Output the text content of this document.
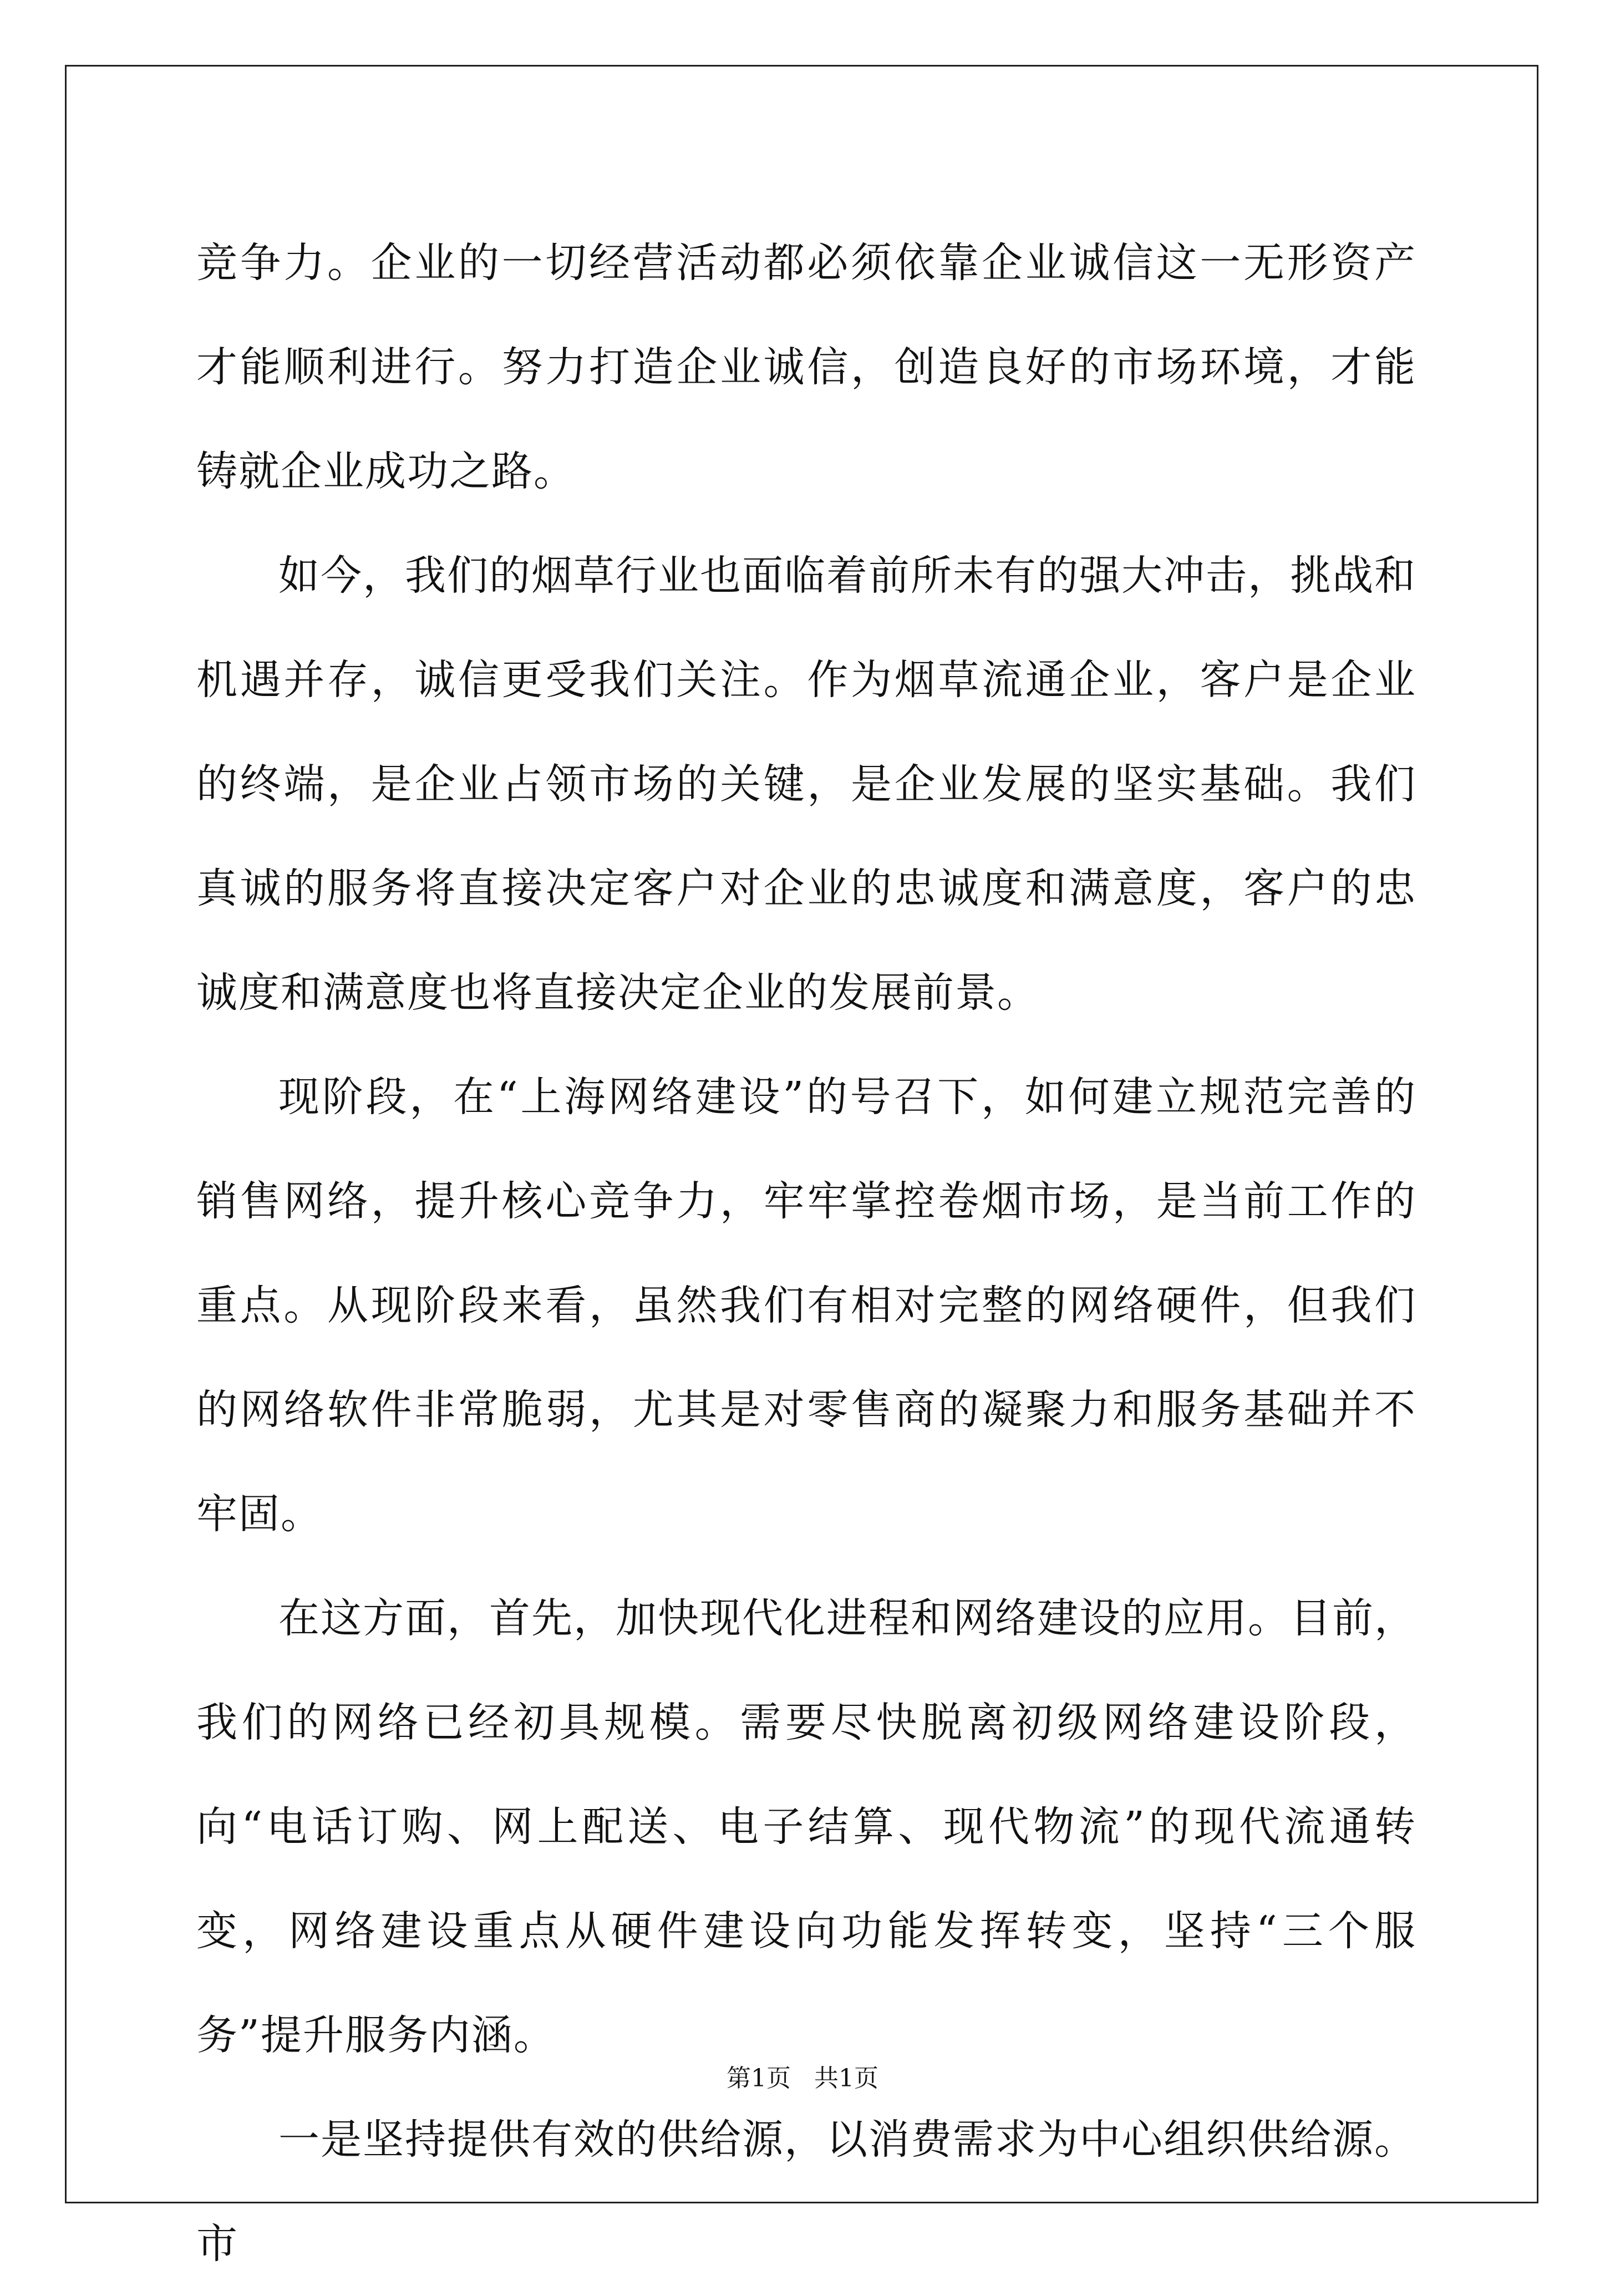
竞争力。企业的一切经营活动都必须依靠企业诚信这一无形资产才能顺利进行。努力打造企业诚信，创造良好的市场环境，才能铸就企业成功之路。

如今，我们的烟草行业也面临着前所未有的强大冲击，挑战和机遇并存，诚信更受我们关注。作为烟草流通企业，客户是企业的终端，是企业占领市场的关键，是企业发展的坚实基础。我们真诚的服务将直接决定客户对企业的忠诚度和满意度，客户的忠诚度和满意度也将直接决定企业的发展前景。

现阶段，在“上海网络建设”的号召下，如何建立规范完善的销售网络，提升核心竞争力，牢牢掌控卷烟市场，是当前工作的重点。从现阶段来看，虽然我们有相对完整的网络硬件，但我们的网络软件非常脆弱，尤其是对零售商的凝聚力和服务基础并不牢固。

在这方面，首先，加快现代化进程和网络建设的应用。目前，我们的网络已经初具规模。需要尽快脱离初级网络建设阶段，向“电话订购、网上配送、电子结算、现代物流”的现代流通转变，网络建设重点从硬件建设向功能发挥转变，坚持“三个服务”提升服务内涵。

一是坚持提供有效的供给源，以消费需求为中心组织供给源。市

第1页 共1页
